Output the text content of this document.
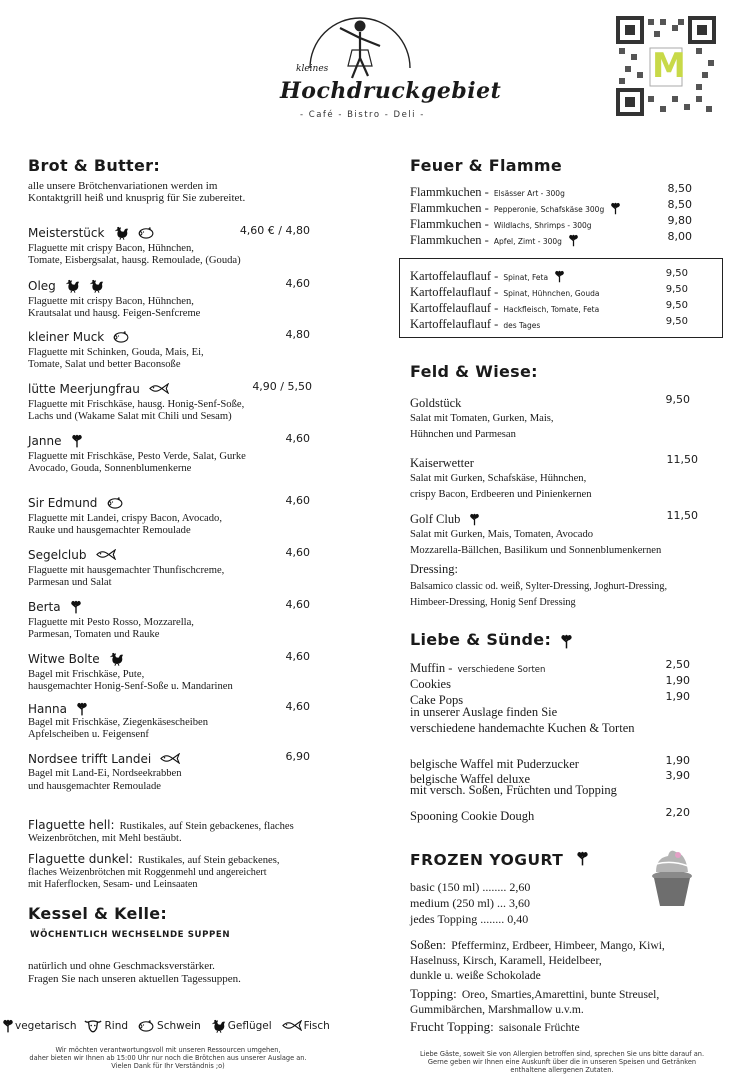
kleines
Hochdruckgebiet
- Café - Bistro - Deli -
M
Brot & Butter:
alle unsere Brötchenvariationen werden im
Kontaktgrill heiß und knusprig für Sie zubereitet.
Meisterstück	4,60 € / 4,80
Flaguette mit crispy Bacon, Hühnchen,
Tomate, Eisbergsalat, hausg. Remoulade, (Gouda)
Oleg	4,60
Flaguette mit crispy Bacon, Hühnchen,
Krautsalat und hausg. Feigen-Senfcreme
kleiner Muck	4,80
Flaguette mit Schinken, Gouda, Mais, Ei,
Tomate, Salat und better Baconsoße
lütte Meerjungfrau	4,90 / 5,50
Flaguette mit Frischkäse, hausg. Honig-Senf-Soße,
Lachs und (Wakame Salat mit Chili und Sesam)
Janne	4,60
Flaguette mit Frischkäse, Pesto Verde, Salat, Gurke
Avocado, Gouda, Sonnenblumenkerne
Sir Edmund	4,60
Flaguette mit Landei, crispy Bacon, Avocado,
Rauke und hausgemachter Remoulade
Segelclub	4,60
Flaguette mit hausgemachter Thunfischcreme,
Parmesan und Salat
Berta	4,60
Flaguette mit Pesto Rosso, Mozzarella,
Parmesan, Tomaten und Rauke
Witwe Bolte	4,60
Bagel mit Frischkäse, Pute,
hausgemachter Honig-Senf-Soße u. Mandarinen
Hanna	4,60
Bagel mit Frischkäse, Ziegenkäsescheiben
Apfelscheiben u. Feigensenf
Nordsee trifft Landei	6,90
Bagel mit Land-Ei, Nordseekrabben
und hausgemachter Remoulade
Flaguette hell: Rustikales, auf Stein gebackenes, flaches
Weizenbrötchen, mit Mehl bestäubt.
Flaguette dunkel: Rustikales, auf Stein gebackenes,
flaches Weizenbrötchen mit Roggenmehl und angereichert
mit Haferflocken, Sesam- und Leinsaaten
Kessel & Kelle:
WÖCHENTLICH WECHSELNDE SUPPEN
natürlich und ohne Geschmacksverstärker.
Fragen Sie nach unseren aktuellen Tagessuppen.
vegetarisch	Rind	Schwein	Geflügel	Fisch
Wir möchten verantwortungsvoll mit unseren Ressourcen umgehen,
daher bieten wir Ihnen ab 15:00 Uhr nur noch die Brötchen aus unserer Auslage an.
Vielen Dank für Ihr Verständnis ;o)
Liebe Gäste, soweit Sie von Allergien betroffen sind, sprechen Sie uns bitte darauf an.
Gerne geben wir Ihnen eine Auskunft über die in unseren Speisen und Getränken
enthaltene allergenen Zutaten.
Feuer & Flamme
Flammkuchen - Elsässer Art - 300g	8,50
Flammkuchen - Pepperonie, Schafskäse 300g	8,50
Flammkuchen - Wildlachs, Shrimps - 300g	9,80
Flammkuchen - Apfel, Zimt - 300g	8,00
Kartoffelauflauf - Spinat, Feta	9,50
Kartoffelauflauf - Spinat, Hühnchen, Gouda	9,50
Kartoffelauflauf - Hackfleisch, Tomate, Feta	9,50
Kartoffelauflauf - des Tages	9,50
Feld & Wiese:
Goldstück	9,50
Salat mit Tomaten, Gurken, Mais,
Hühnchen und Parmesan
Kaiserwetter	11,50
Salat mit Gurken, Schafskäse, Hühnchen,
crispy Bacon, Erdbeeren und Pinienkernen
Golf Club	11,50
Salat mit Gurken, Mais, Tomaten, Avocado
Mozzarella-Bällchen, Basilikum und Sonnenblumenkernen
Dressing:
Balsamico classic od. weiß, Sylter-Dressing, Joghurt-Dressing,
Himbeer-Dressing, Honig Senf Dressing
Liebe & Sünde:
Muffin - verschiedene Sorten	2,50
Cookies	1,90
Cake Pops	1,90
in unserer Auslage finden Sie
verschiedene handemachte Kuchen & Torten
belgische Waffel mit Puderzucker	1,90
belgische Waffel deluxe	3,90
mit versch. Soßen, Früchten und Topping
Spooning Cookie Dough	2,20
FROZEN YOGURT
basic (150 ml) ........ 2,60
medium (250 ml) ... 3,60
jedes Topping ........ 0,40
Soßen: Pfefferminz, Erdbeer, Himbeer, Mango, Kiwi,
Haselnuss, Kirsch, Karamell, Heidelbeer,
dunkle u. weiße Schokolade
Topping: Oreo, Smarties,Amarettini, bunte Streusel,
Gummibärchen, Marshmallow u.v.m.
Frucht Topping: saisonale Früchte
